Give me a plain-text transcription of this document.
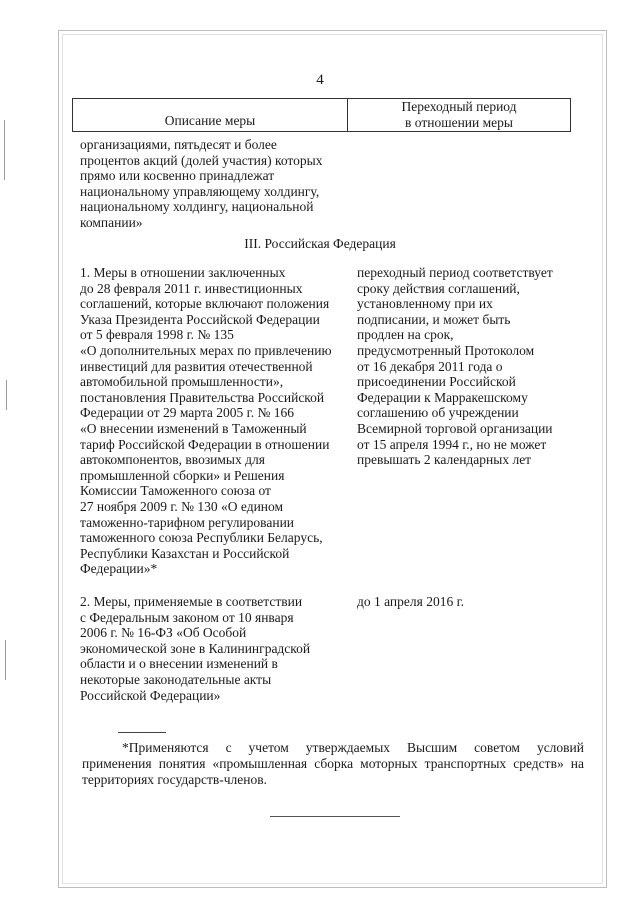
4
Описание меры
Переходный период
в отношении меры
организациями, пятьдесят и более
процентов акций (долей участия) которых
прямо или косвенно принадлежат
национальному управляющему холдингу,
национальному холдингу, национальной
компании»
III. Российская Федерация
1. Меры в отношении заключенных
до 28 февраля 2011 г. инвестиционных
соглашений, которые включают положения
Указа Президента Российской Федерации
от 5 февраля 1998 г. № 135
«О дополнительных мерах по привлечению
инвестиций для развития отечественной
автомобильной промышленности»,
постановления Правительства Российской
Федерации от 29 марта 2005 г. № 166
«О внесении изменений в Таможенный
тариф Российской Федерации в отношении
автокомпонентов, ввозимых для
промышленной сборки» и Решения
Комиссии Таможенного союза от
27 ноября 2009 г. № 130 «О едином
таможенно-тарифном регулировании
таможенного союза Республики Беларусь,
Республики Казахстан и Российской
Федерации»*
переходный период соответствует
сроку действия соглашений,
установленному при их
подписании, и может быть
продлен на срок,
предусмотренный Протоколом
от 16 декабря 2011 года о
присоединении Российской
Федерации к Марракешскому
соглашению об учреждении
Всемирной торговой организации
от 15 апреля 1994 г., но не может
превышать 2 календарных лет
2. Меры, применяемые в соответствии
с Федеральным законом от 10 января
2006 г. № 16-ФЗ «Об Особой
экономической зоне в Калининградской
области и о внесении изменений в
некоторые законодательные акты
Российской Федерации»
до 1 апреля 2016 г.
*Применяются с учетом утверждаемых Высшим советом условий
применения понятия «промышленная сборка моторных транспортных средств» на
территориях государств-членов.
